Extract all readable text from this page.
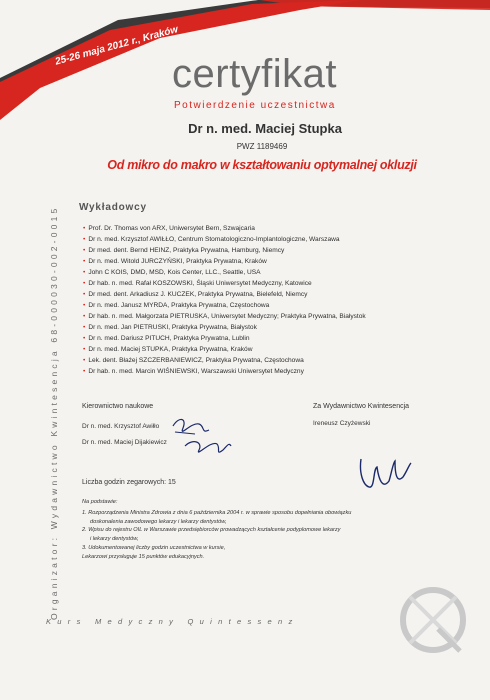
25-26 maja 2012 r., Kraków
certyfikat
Potwierdzenie uczestnictwa
Organizator: Wydawnictwo Kwintesencja 68-000030-002-0015
Dr n. med. Maciej Stupka
PWZ 1189469
Od mikro do makro w kształtowaniu optymalnej okluzji
Wykładowcy
• Prof. Dr. Thomas von ARX, Uniwersytet Bern, Szwajcaria
• Dr n. med. Krzysztof AWIŁŁO, Centrum Stomatologiczno-Implantologiczne, Warszawa
• Dr med. dent. Bernd HEINZ, Praktyka Prywatna, Hamburg, Niemcy
• Dr n. med. Witold JURCZYŃSKI, Praktyka Prywatna, Kraków
• John C KOIS, DMD, MSD, Kois Center, LLC., Seattle, USA
• Dr hab. n. med. Rafał KOSZOWSKI, Śląski Uniwersytet Medyczny, Katowice
• Dr med. dent. Arkadiusz J. KUCZEK, Praktyka Prywatna, Bielefeld, Niemcy
• Dr n. med. Janusz MYRDA, Praktyka Prywatna, Częstochowa
• Dr hab. n. med. Małgorzata PIETRUSKA, Uniwersytet Medyczny; Praktyka Prywatna, Białystok
• Dr n. med. Jan PIETRUSKI, Praktyka Prywatna, Białystok
• Dr n. med. Dariusz PITUCH, Praktyka Prywatna, Lublin
• Dr n. med. Maciej STUPKA, Praktyka Prywatna, Kraków
• Lek. dent. Błażej SZCZERBANIEWICZ, Praktyka Prywatna, Częstochowa
• Dr hab. n. med. Marcin WIŚNIEWSKI, Warszawski Uniwersytet Medyczny
Kierownictwo naukowe	Za Wydawnictwo Kwintesencja
Dr n. med. Krzysztof Awiłło
Dr n. med. Maciej Dijakiewicz
Ireneusz Czyżewski
Liczba godzin zegarowych: 15

Na podstawie:

1. Rozporządzenia Ministra Zdrowia z dnia 6 października 2004 r. w sprawie sposobu dopełniania obowiązku

doskonalenia zawodowego lekarzy i lekarzy dentystów,

2. Wpisu do rejestru OIL w Warszawie przedsiębiorców prowadzących kształcenie podyplomowe lekarzy

i lekarzy dentystów,

3. Udokumentowanej liczby godzin uczestnictwa w kursie,

Lekarzowi przysługuje 15 punktów edukacyjnych.

Kurs Medyczny Quintessenz
